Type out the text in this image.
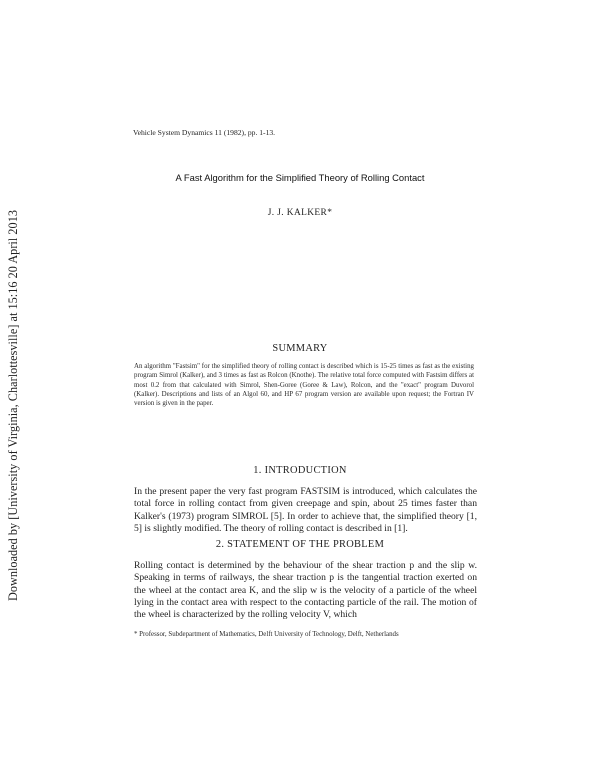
Downloaded by [University of Virginia, Charlottesville] at 15:16 20 April 2013
Vehicle System Dynamics 11 (1982), pp. 1-13.
A Fast Algorithm for the Simplified Theory of Rolling Contact
J. J. KALKER*
SUMMARY
An algorithm "Fastsim" for the simplified theory of rolling contact is described which is 15-25 times as fast as the existing program Simrol (Kalker), and 3 times as fast as Rolcon (Knothe). The relative total force computed with Fastsim differs at most 0.2 from that calculated with Simrol, Shen-Goree (Goree & Law), Rolcon, and the "exact" program Duvorol (Kalker). Descriptions and lists of an Algol 60, and HP 67 program version are available upon request; the Fortran IV version is given in the paper.
1. INTRODUCTION
In the present paper the very fast program FASTSIM is introduced, which calculates the total force in rolling contact from given creepage and spin, about 25 times faster than Kalker's (1973) program SIMROL [5]. In order to achieve that, the simplified theory [1, 5] is slightly modified. The theory of rolling contact is described in [1].
2. STATEMENT OF THE PROBLEM
Rolling contact is determined by the behaviour of the shear traction p and the slip w. Speaking in terms of railways, the shear traction p is the tangential traction exerted on the wheel at the contact area K, and the slip w is the velocity of a particle of the wheel lying in the contact area with respect to the contacting particle of the rail. The motion of the wheel is characterized by the rolling velocity V, which
* Professor, Subdepartment of Mathematics, Delft University of Technology, Delft, Netherlands
